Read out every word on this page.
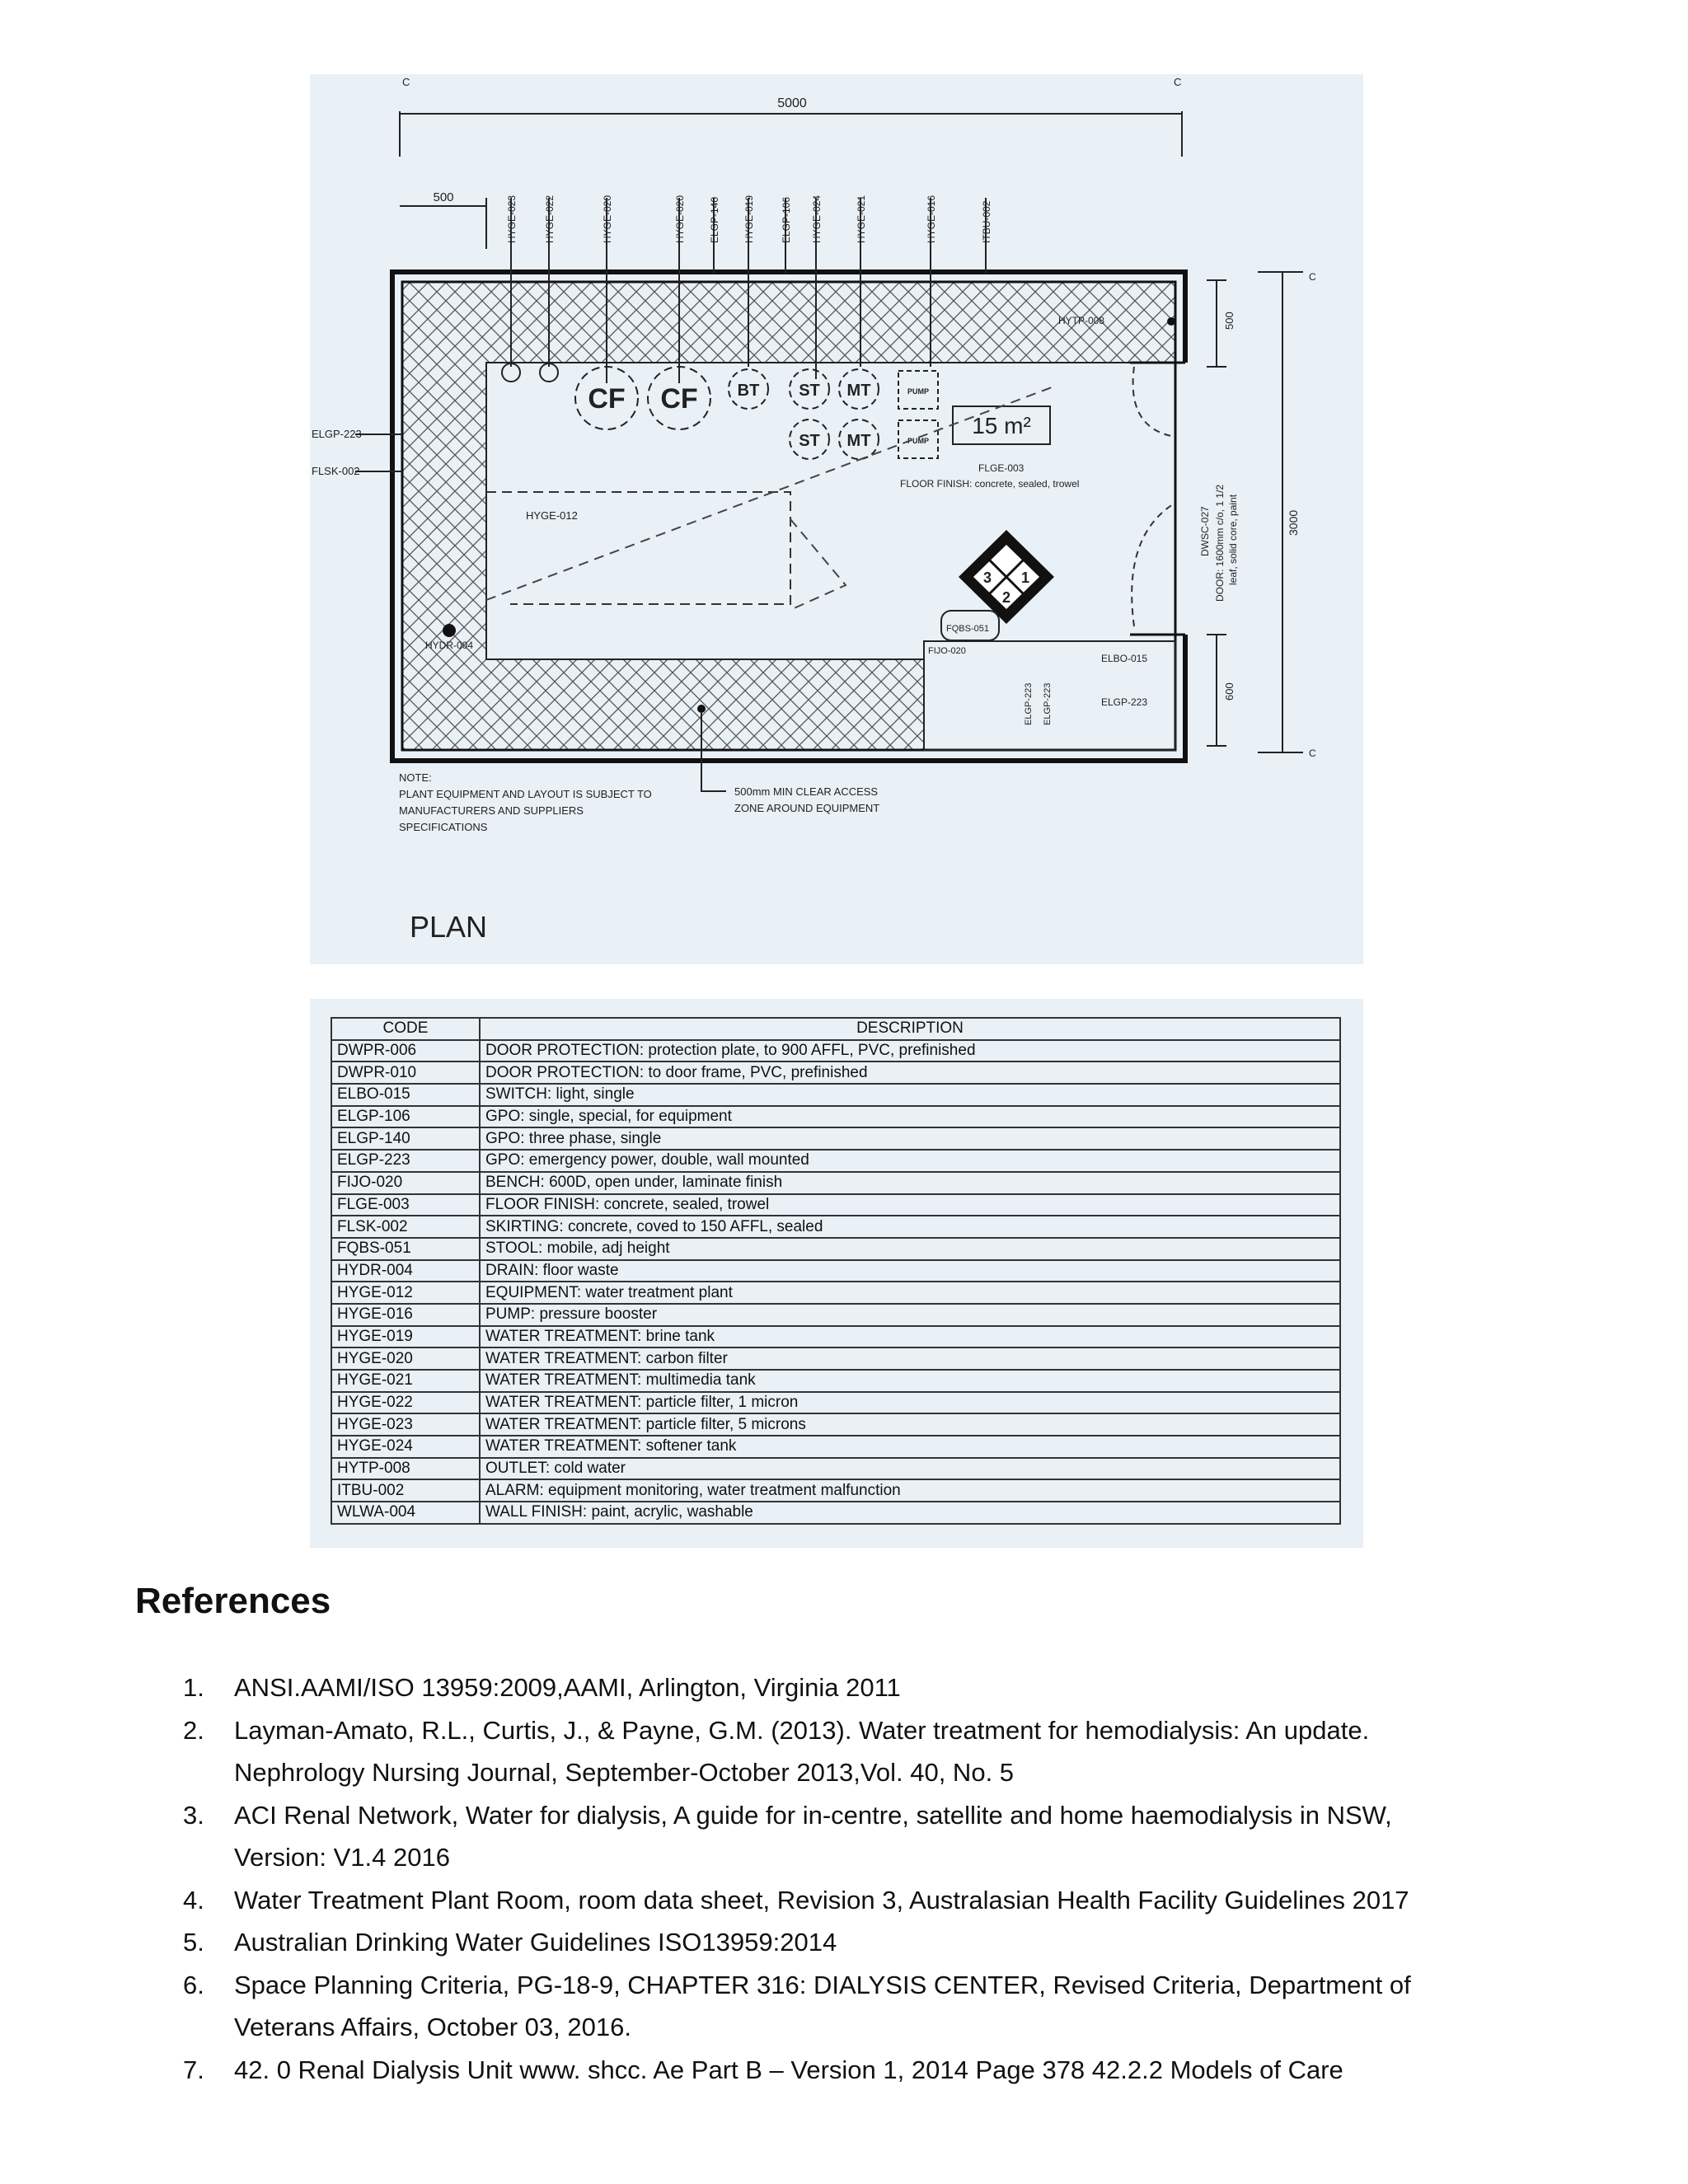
5000
C	C
500	HYGE-023	HYGE-022	HYGE-020	HYGE-020 ELGP-140 HYGE-019	ELGP-106 HYGE-024	HYGE-021	HYGE-016	ITBU-002
ELGP-223
FLSK-002
CF CF BT ST MT
ST MT
PUMP
PUMP
15 m²
FLGE-003
FLOOR FINISH: concrete, sealed, trowel
HYGE-012
3 1
2
HYTP-008
HYDR-004
FQBS-051
FIJO-020
ELBO-015
ELGP-223
ELGP-223 ELGP-223
500
600
3000
C
C
DWSC-027 DOOR: 1600mm c/o, 1 1/2 leaf, solid core, paint
NOTE:
PLANT EQUIPMENT AND LAYOUT IS SUBJECT TO
MANUFACTURERS AND SUPPLIERS
SPECIFICATIONS
500mm MIN CLEAR ACCESS
ZONE AROUND EQUIPMENT
PLAN
CODE	DESCRIPTION
DWPR-006	DOOR PROTECTION: protection plate, to 900 AFFL, PVC, prefinished
DWPR-010	DOOR PROTECTION: to door frame, PVC, prefinished
ELBO-015	SWITCH: light, single
ELGP-106	GPO: single, special, for equipment
ELGP-140	GPO: three phase, single
ELGP-223	GPO: emergency power, double, wall mounted
FIJO-020	BENCH: 600D, open under, laminate finish
FLGE-003	FLOOR FINISH: concrete, sealed, trowel
FLSK-002	SKIRTING: concrete, coved to 150 AFFL, sealed
FQBS-051	STOOL: mobile, adj height
HYDR-004	DRAIN: floor waste
HYGE-012	EQUIPMENT: water treatment plant
HYGE-016	PUMP: pressure booster
HYGE-019	WATER TREATMENT: brine tank
HYGE-020	WATER TREATMENT: carbon filter
HYGE-021	WATER TREATMENT: multimedia tank
HYGE-022	WATER TREATMENT: particle filter, 1 micron
HYGE-023	WATER TREATMENT: particle filter, 5 microns
HYGE-024	WATER TREATMENT: softener tank
HYTP-008	OUTLET: cold water
ITBU-002	ALARM: equipment monitoring, water treatment malfunction
WLWA-004	WALL FINISH: paint, acrylic, washable
References
1. ANSI.AAMI/ISO 13959:2009,AAMI, Arlington, Virginia 2011
2. Layman-Amato, R.L., Curtis, J., & Payne, G.M. (2013). Water treatment for hemodialysis: An update.
Nephrology Nursing Journal, September-October 2013,Vol. 40, No. 5
3. ACI Renal Network, Water for dialysis, A guide for in-centre, satellite and home haemodialysis in NSW,
Version: V1.4 2016
4. Water Treatment Plant Room, room data sheet, Revision 3, Australasian Health Facility Guidelines 2017
5. Australian Drinking Water Guidelines ISO13959:2014
6. Space Planning Criteria, PG-18-9, CHAPTER 316: DIALYSIS CENTER, Revised Criteria, Department of
Veterans Affairs, October 03, 2016.
7. 42. 0 Renal Dialysis Unit www. shcc. Ae Part B – Version 1, 2014 Page 378 42.2.2 Models of Care
